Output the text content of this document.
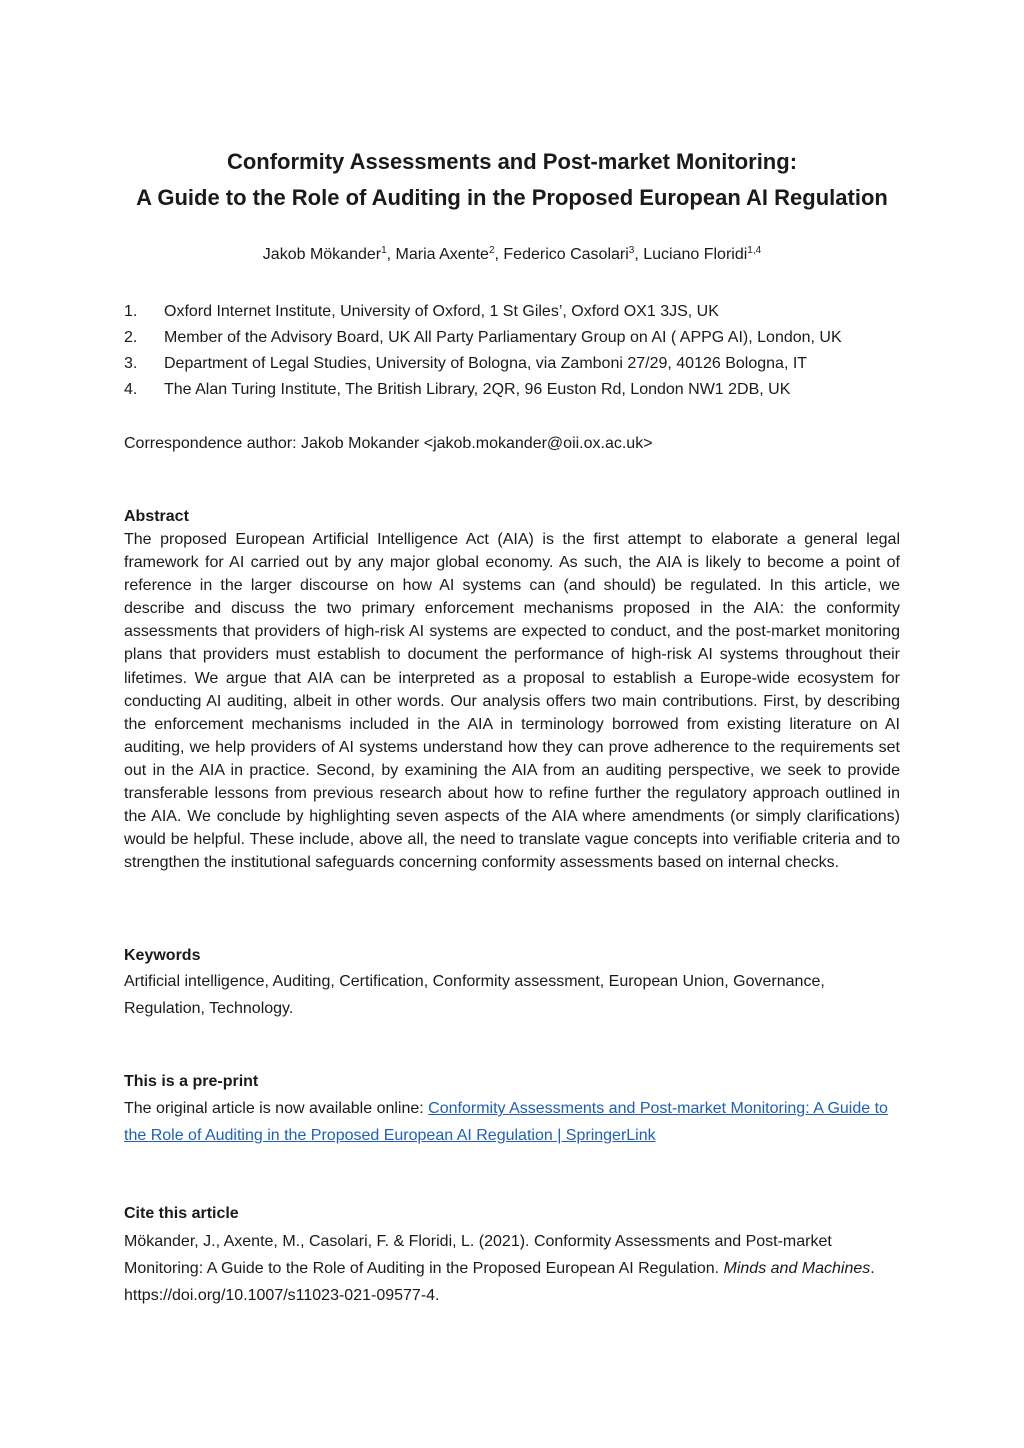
Conformity Assessments and Post-market Monitoring:
A Guide to the Role of Auditing in the Proposed European AI Regulation
Jakob Mökander$^1$, Maria Axente$^2$, Federico Casolari$^3$, Luciano Floridi$^{1,4}$
1. Oxford Internet Institute, University of Oxford, 1 St Giles’, Oxford OX1 3JS, UK
2. Member of the Advisory Board, UK All Party Parliamentary Group on AI ( APPG AI), London, UK
3. Department of Legal Studies, University of Bologna, via Zamboni 27/29, 40126 Bologna, IT
4. The Alan Turing Institute, The British Library, 2QR, 96 Euston Rd, London NW1 2DB, UK
Correspondence author: Jakob Mokander <jakob.mokander@oii.ox.ac.uk>
Abstract
The proposed European Artificial Intelligence Act (AIA) is the first attempt to elaborate a general legal framework for AI carried out by any major global economy. As such, the AIA is likely to become a point of reference in the larger discourse on how AI systems can (and should) be regulated. In this article, we describe and discuss the two primary enforcement mechanisms proposed in the AIA: the conformity assessments that providers of high-risk AI systems are expected to conduct, and the post-market monitoring plans that providers must establish to document the performance of high-risk AI systems throughout their lifetimes. We argue that AIA can be interpreted as a proposal to establish a Europe-wide ecosystem for conducting AI auditing, albeit in other words. Our analysis offers two main contributions. First, by describing the enforcement mechanisms included in the AIA in terminology borrowed from existing literature on AI auditing, we help providers of AI systems understand how they can prove adherence to the requirements set out in the AIA in practice. Second, by examining the AIA from an auditing perspective, we seek to provide transferable lessons from previous research about how to refine further the regulatory approach outlined in the AIA. We conclude by highlighting seven aspects of the AIA where amendments (or simply clarifications) would be helpful. These include, above all, the need to translate vague concepts into verifiable criteria and to strengthen the institutional safeguards concerning conformity assessments based on internal checks.
Keywords
Artificial intelligence, Auditing, Certification, Conformity assessment, European Union, Governance, Regulation, Technology.
This is a pre-print
The original article is now available online: Conformity Assessments and Post-market Monitoring: A Guide to the Role of Auditing in the Proposed European AI Regulation | SpringerLink
Cite this article
Mökander, J., Axente, M., Casolari, F. & Floridi, L. (2021). Conformity Assessments and Post-market Monitoring: A Guide to the Role of Auditing in the Proposed European AI Regulation. Minds and Machines. https://doi.org/10.1007/s11023-021-09577-4.
